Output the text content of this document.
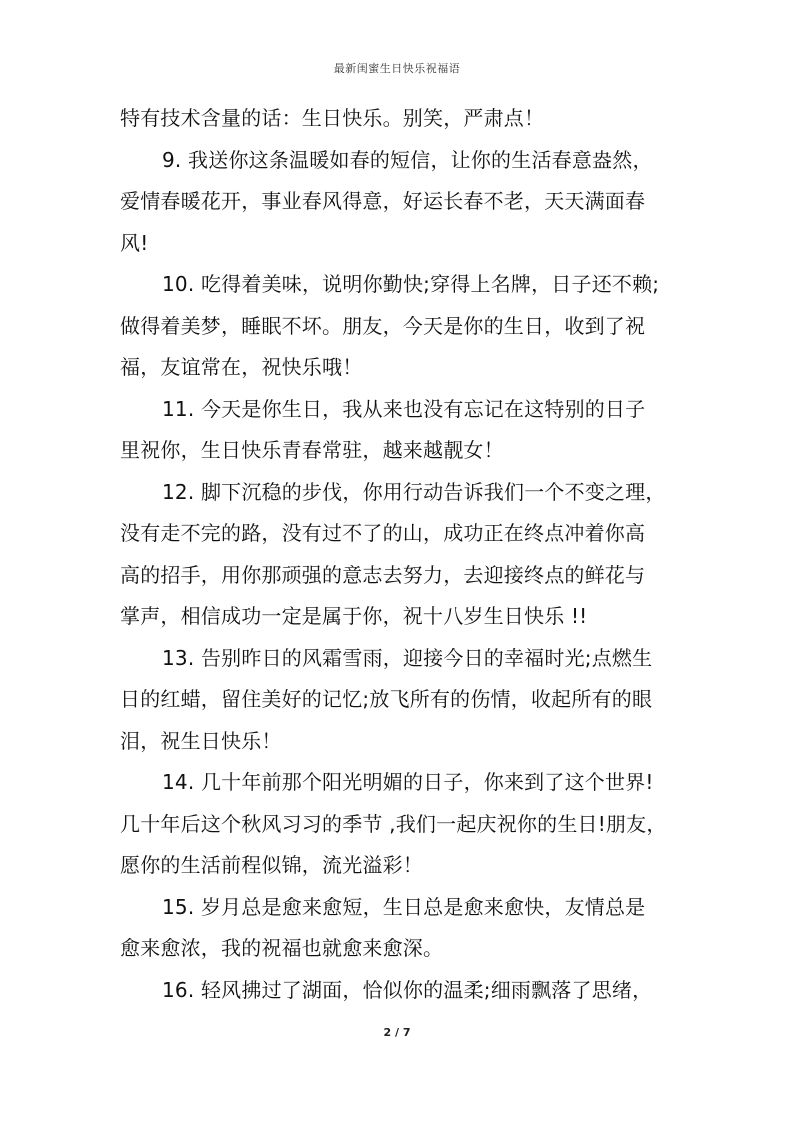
最新闺蜜生日快乐祝福语
特有技术含量的话：生日快乐。别笑，严肃点！
9. 我送你这条温暖如春的短信，让你的生活春意盎然，
爱情春暖花开，事业春风得意，好运长春不老，天天满面春
风!
10. 吃得着美味，说明你勤快;穿得上名牌，日子还不赖;
做得着美梦，睡眠不坏。朋友，今天是你的生日，收到了祝
福，友谊常在，祝快乐哦！
11. 今天是你生日，我从来也没有忘记在这特别的日子
里祝你，生日快乐青春常驻，越来越靓女！
12. 脚下沉稳的步伐，你用行动告诉我们一个不变之理，
没有走不完的路，没有过不了的山，成功正在终点冲着你高
高的招手，用你那顽强的意志去努力，去迎接终点的鲜花与
掌声，相信成功一定是属于你，祝十八岁生日快乐 !!
13. 告别昨日的风霜雪雨，迎接今日的幸福时光;点燃生
日的红蜡，留住美好的记忆;放飞所有的伤情，收起所有的眼
泪，祝生日快乐！
14. 几十年前那个阳光明媚的日子，你来到了这个世界!
几十年后这个秋风习习的季节 ,我们一起庆祝你的生日!朋友，
愿你的生活前程似锦，流光溢彩！
15. 岁月总是愈来愈短，生日总是愈来愈快，友情总是
愈来愈浓，我的祝福也就愈来愈深。
16. 轻风拂过了湖面，恰似你的温柔;细雨飘落了思绪，
2 / 7
